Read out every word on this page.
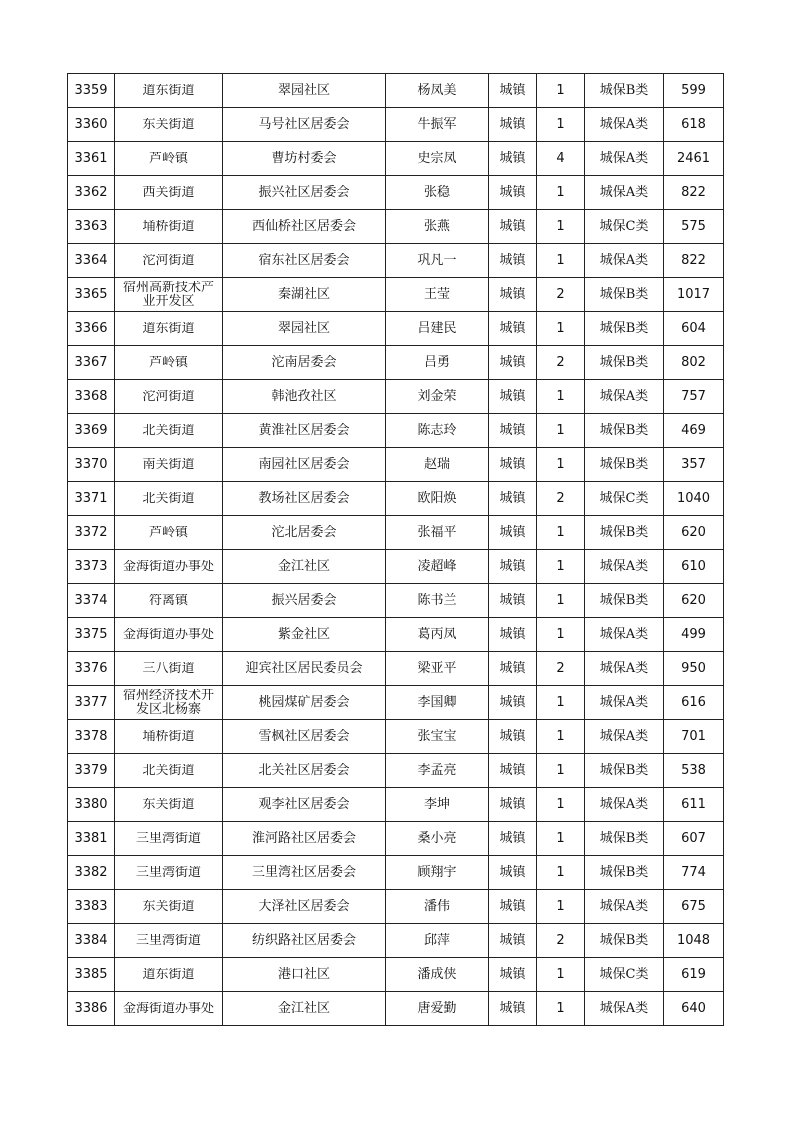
3359	道东街道	翠园社区	杨凤美	城镇	1	城保B类	599

3360	东关街道	马号社区居委会	牛振军	城镇	1	城保A类	618

3361	芦岭镇	曹坊村委会	史宗凤	城镇	4	城保A类	2461

3362	西关街道	振兴社区居委会	张稳	城镇	1	城保A类	822

3363	埇桥街道	西仙桥社区居委会	张燕	城镇	1	城保C类	575

3364	沱河街道	宿东社区居委会	巩凡一	城镇	1	城保A类	822

3365	宿州高新技术产业开发区	秦湖社区	王莹	城镇	2	城保B类	1017

3366	道东街道	翠园社区	吕建民	城镇	1	城保B类	604

3367	芦岭镇	沱南居委会	吕勇	城镇	2	城保B类	802

3368	沱河街道	韩池孜社区	刘金荣	城镇	1	城保A类	757

3369	北关街道	黄淮社区居委会	陈志玲	城镇	1	城保B类	469

3370	南关街道	南园社区居委会	赵瑞	城镇	1	城保B类	357

3371	北关街道	教场社区居委会	欧阳焕	城镇	2	城保C类	1040

3372	芦岭镇	沱北居委会	张福平	城镇	1	城保B类	620

3373	金海街道办事处	金江社区	凌超峰	城镇	1	城保A类	610

3374	符离镇	振兴居委会	陈书兰	城镇	1	城保B类	620

3375	金海街道办事处	紫金社区	葛丙凤	城镇	1	城保A类	499

3376	三八街道	迎宾社区居民委员会	梁亚平	城镇	2	城保A类	950

3377	宿州经济技术开发区北杨寨	桃园煤矿居委会	李国卿	城镇	1	城保A类	616

3378	埇桥街道	雪枫社区居委会	张宝宝	城镇	1	城保A类	701

3379	北关街道	北关社区居委会	李孟亮	城镇	1	城保B类	538

3380	东关街道	观李社区居委会	李坤	城镇	1	城保A类	611

3381	三里湾街道	淮河路社区居委会	桑小亮	城镇	1	城保B类	607

3382	三里湾街道	三里湾社区居委会	顾翔宇	城镇	1	城保B类	774

3383	东关街道	大泽社区居委会	潘伟	城镇	1	城保A类	675

3384	三里湾街道	纺织路社区居委会	邱萍	城镇	2	城保B类	1048

3385	道东街道	港口社区	潘成侠	城镇	1	城保C类	619

3386	金海街道办事处	金江社区	唐爱勤	城镇	1	城保A类	640
